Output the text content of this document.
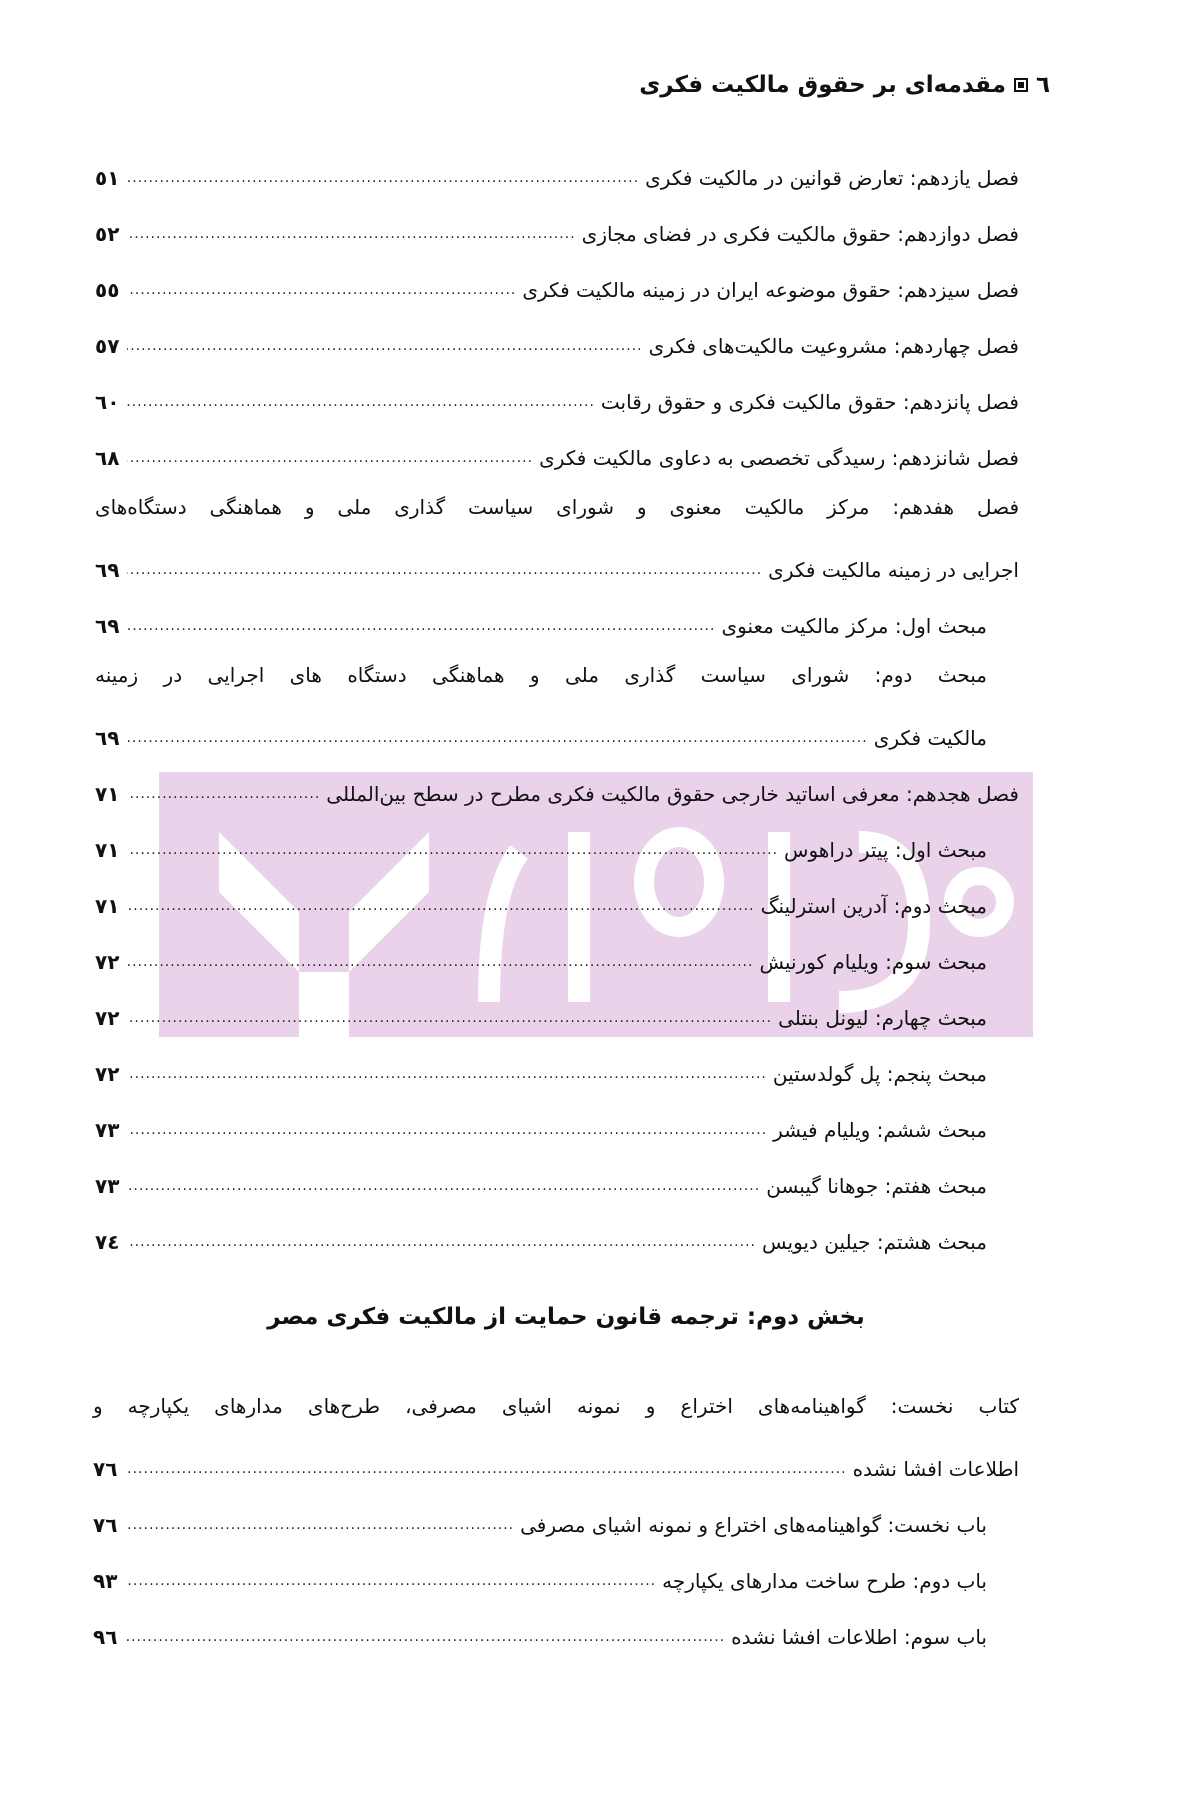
٦
مقدمه‌ای بر حقوق مالکیت فکری
فصل یازدهم: تعارض قوانین در مالکیت فکری
.....
٥١
فصل دوازدهم: حقوق مالکیت فکری در فضای مجازی
.....
٥٢
فصل سیزدهم: حقوق موضوعه ایران در زمینه مالکیت فکری
.....
٥٥
فصل چهاردهم: مشروعیت مالکیت‌های فکری
.....
٥٧
فصل پانزدهم: حقوق مالکیت فکری و حقوق رقابت
.....
٦٠
فصل شانزدهم: رسیدگی تخصصی به دعاوی مالکیت فکری
.....
٦٨
فصل هفدهم: مرکز مالکیت معنوی و شورای سیاست گذاری ملی و هماهنگی دستگاه‌های
اجرایی در زمینه مالکیت فکری
.....
٦٩
مبحث اول: مرکز مالکیت معنوی
.....
٦٩
مبحث دوم: شورای سیاست گذاری ملی و هماهنگی دستگاه های اجرایی در زمینه
مالکیت فکری
.....
٦٩
فصل هجدهم: معرفی اساتید خارجی حقوق مالکیت فکری مطرح در سطح بین‌المللی
.....
٧١
مبحث اول: پیتر دراهوس
.....
٧١
مبحث دوم: آدرین استرلینگ
.....
٧١
مبحث سوم: ویلیام کورنیش
.....
٧٢
مبحث چهارم: لیونل بنتلی
.....
٧٢
مبحث پنجم: پل گولدستین
.....
٧٢
مبحث ششم: ویلیام فیشر
.....
٧٣
مبحث هفتم: جوهانا گیبسن
.....
٧٣
مبحث هشتم: جیلین دیویس
.....
٧٤
بخش دوم: ترجمه قانون حمایت از مالکیت فکری مصر
کتاب نخست: گواهینامه‌های اختراع و نمونه اشیای مصرفی، طرح‌های مدارهای یکپارچه و
اطلاعات افشا نشده
.....
٧٦
باب نخست: گواهینامه‌های اختراع و نمونه اشیای مصرفی
.....
٧٦
باب دوم: طرح ساخت مدارهای یکپارچه
.....
٩٣
باب سوم: اطلاعات افشا نشده
.....
٩٦
